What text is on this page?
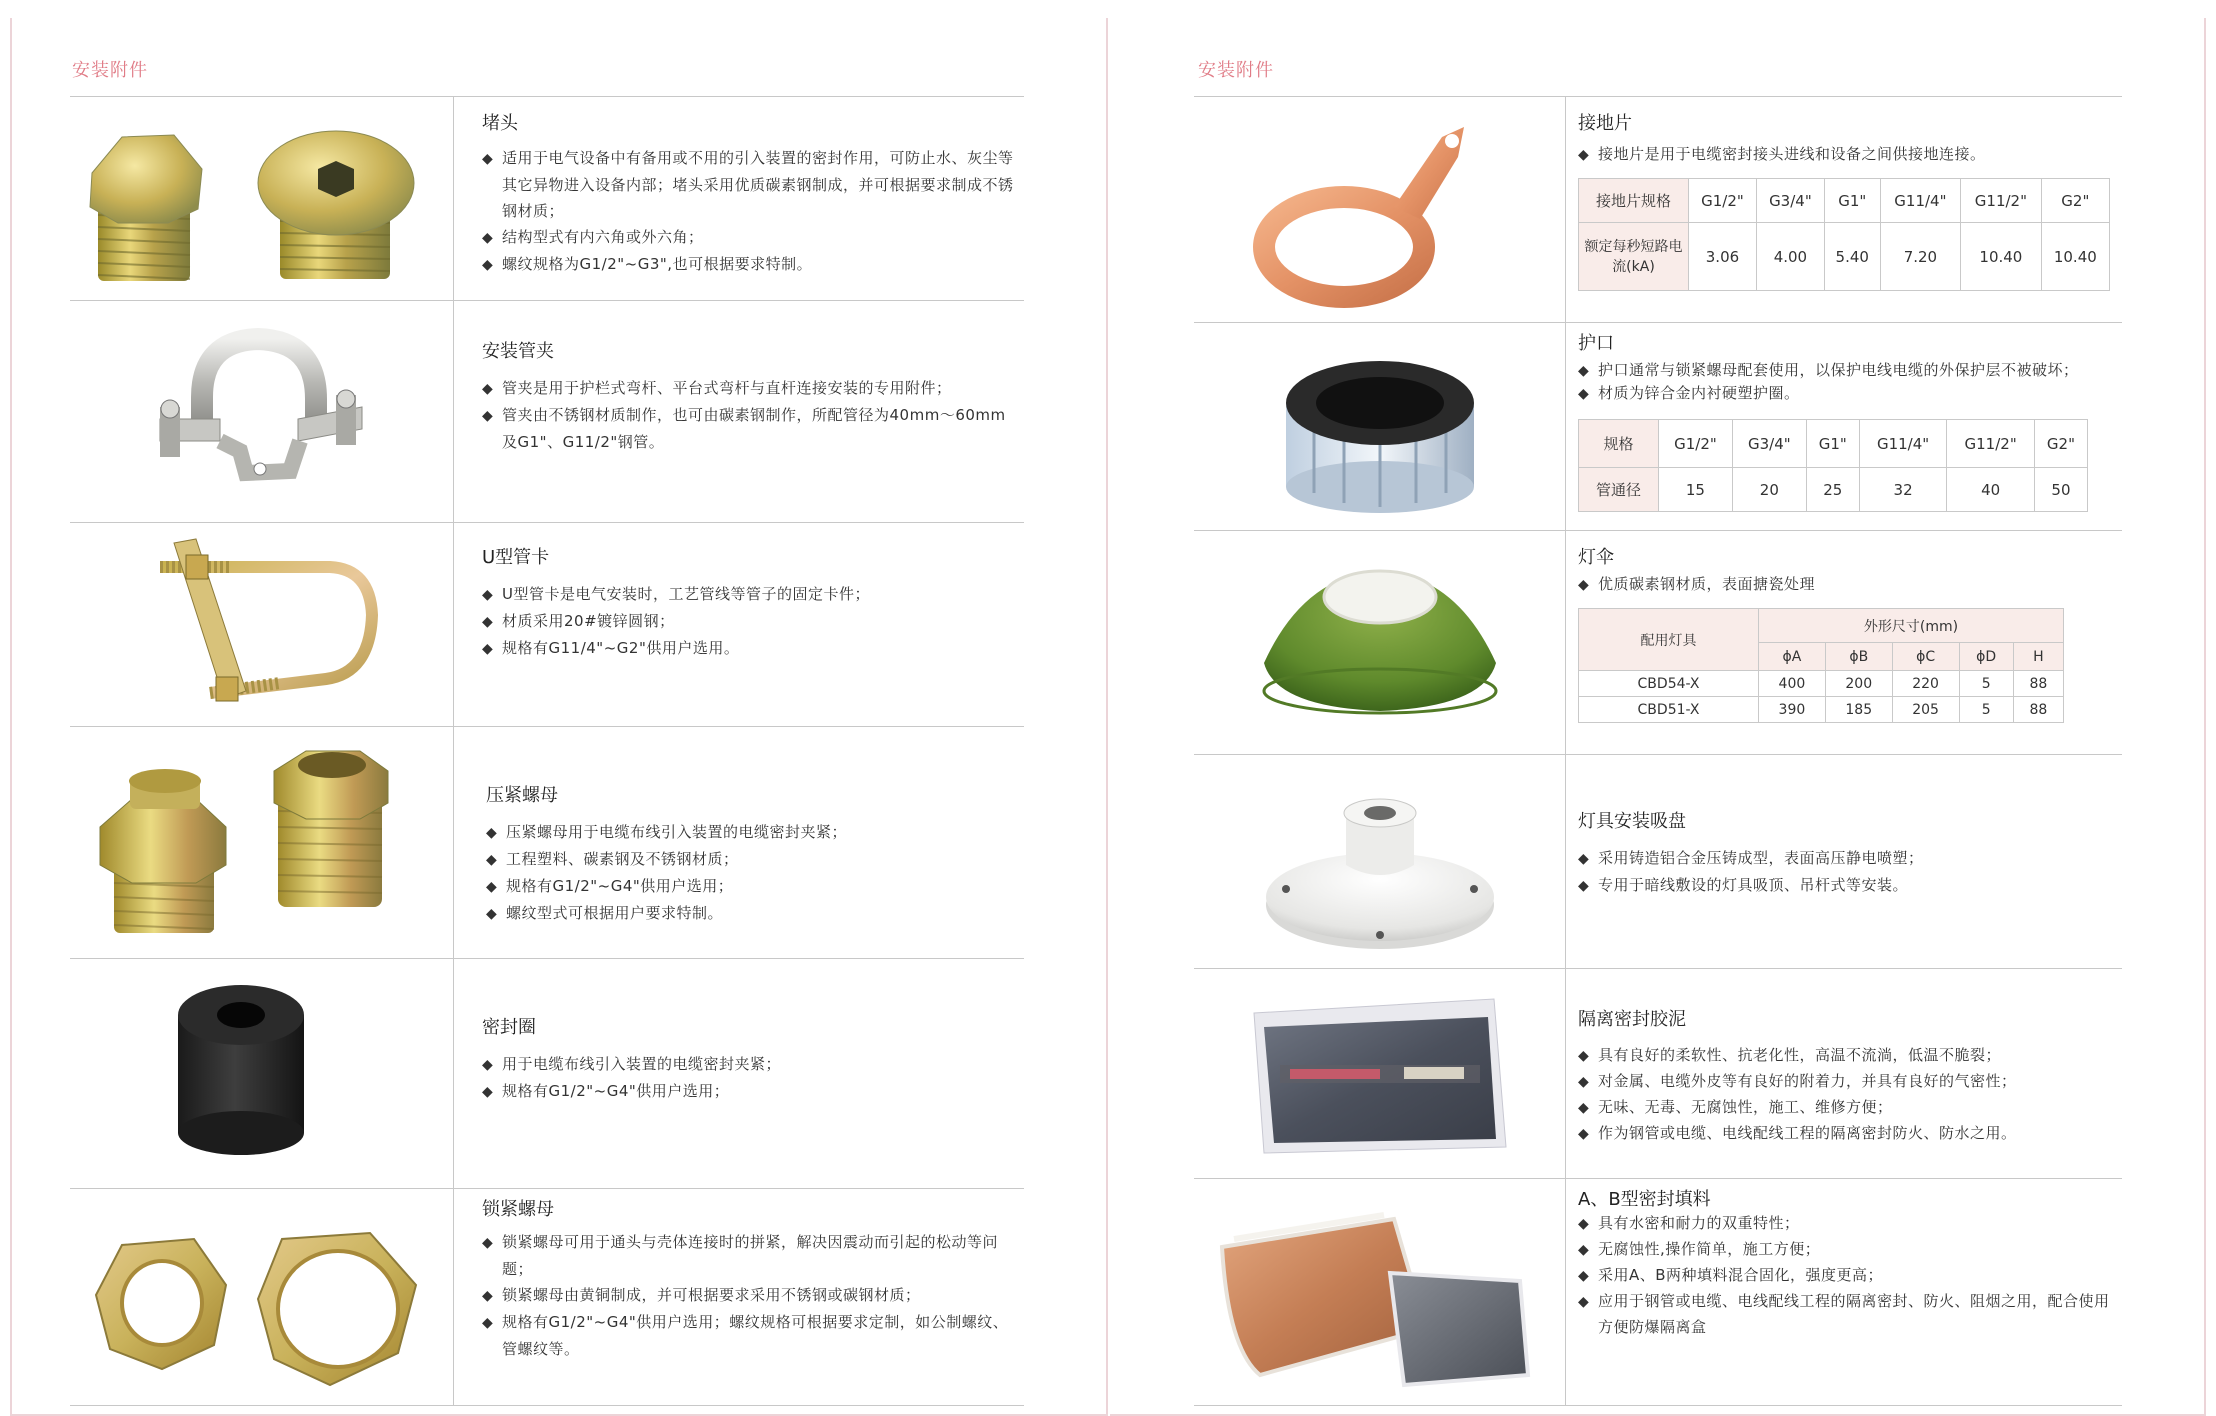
安装附件
堵头
◆ 适用于电气设备中有备用或不用的引入装置的密封作用，可防止水、灰尘等其它异物进入设备内部；堵头采用优质碳素钢制成，并可根据要求制成不锈钢材质；
◆ 结构型式有内六角或外六角；
◆ 螺纹规格为G1/2"~G3",也可根据要求特制。
安装管夹
◆ 管夹是用于护栏式弯杆、平台式弯杆与直杆连接安装的专用附件；
◆ 管夹由不锈钢材质制作，也可由碳素钢制作，所配管径为40mm～60mm 及G1"、G11/2"钢管。
U型管卡
◆ U型管卡是电气安装时，工艺管线等管子的固定卡件；
◆ 材质采用20#镀锌圆钢；
◆ 规格有G11/4"~G2"供用户选用。
压紧螺母
◆ 压紧螺母用于电缆布线引入装置的电缆密封夹紧；
◆ 工程塑料、碳素钢及不锈钢材质；
◆ 规格有G1/2"~G4"供用户选用；
◆ 螺纹型式可根据用户要求特制。
密封圈
◆ 用于电缆布线引入装置的电缆密封夹紧；
◆ 规格有G1/2"~G4"供用户选用；
锁紧螺母
◆ 锁紧螺母可用于通头与壳体连接时的拼紧，解决因震动而引起的松动等问题；
◆ 锁紧螺母由黄铜制成，并可根据要求采用不锈钢或碳钢材质；
◆ 规格有G1/2"~G4"供用户选用；螺纹规格可根据要求定制，如公制螺纹、管螺纹等。
安装附件
接地片
◆ 接地片是用于电缆密封接头进线和设备之间供接地连接。
接地片规格	G1/2"	G3/4"	G1"	G11/4"	G11/2"	G2"
额定每秒短路电流(kA)	3.06	4.00	5.40	7.20	10.40	10.40
护口
◆ 护口通常与锁紧螺母配套使用，以保护电线电缆的外保护层不被破坏；
◆ 材质为锌合金内衬硬塑护圈。
规格	G1/2"	G3/4"	G1"	G11/4"	G11/2"	G2"
管通径	15	20	25	32	40	50
灯伞
◆ 优质碳素钢材质，表面搪瓷处理
配用灯具	外形尺寸(mm)				
	ϕA	ϕB	ϕC	ϕD	H
CBD54-X	400	200	220	5	88
CBD51-X	390	185	205	5	88
灯具安装吸盘
◆ 采用铸造铝合金压铸成型，表面高压静电喷塑；
◆ 专用于暗线敷设的灯具吸顶、吊杆式等安装。
隔离密封胶泥
◆ 具有良好的柔软性、抗老化性，高温不流淌，低温不脆裂；
◆ 对金属、电缆外皮等有良好的附着力，并具有良好的气密性；
◆ 无味、无毒、无腐蚀性，施工、维修方便；
◆ 作为钢管或电缆、电线配线工程的隔离密封防火、防水之用。
A、B型密封填料
◆ 具有水密和耐力的双重特性；
◆ 无腐蚀性,操作简单，施工方便；
◆ 采用A、B两种填料混合固化，强度更高；
◆ 应用于钢管或电缆、电线配线工程的隔离密封、防火、阻烟之用，配合使用方便防爆隔离盒
